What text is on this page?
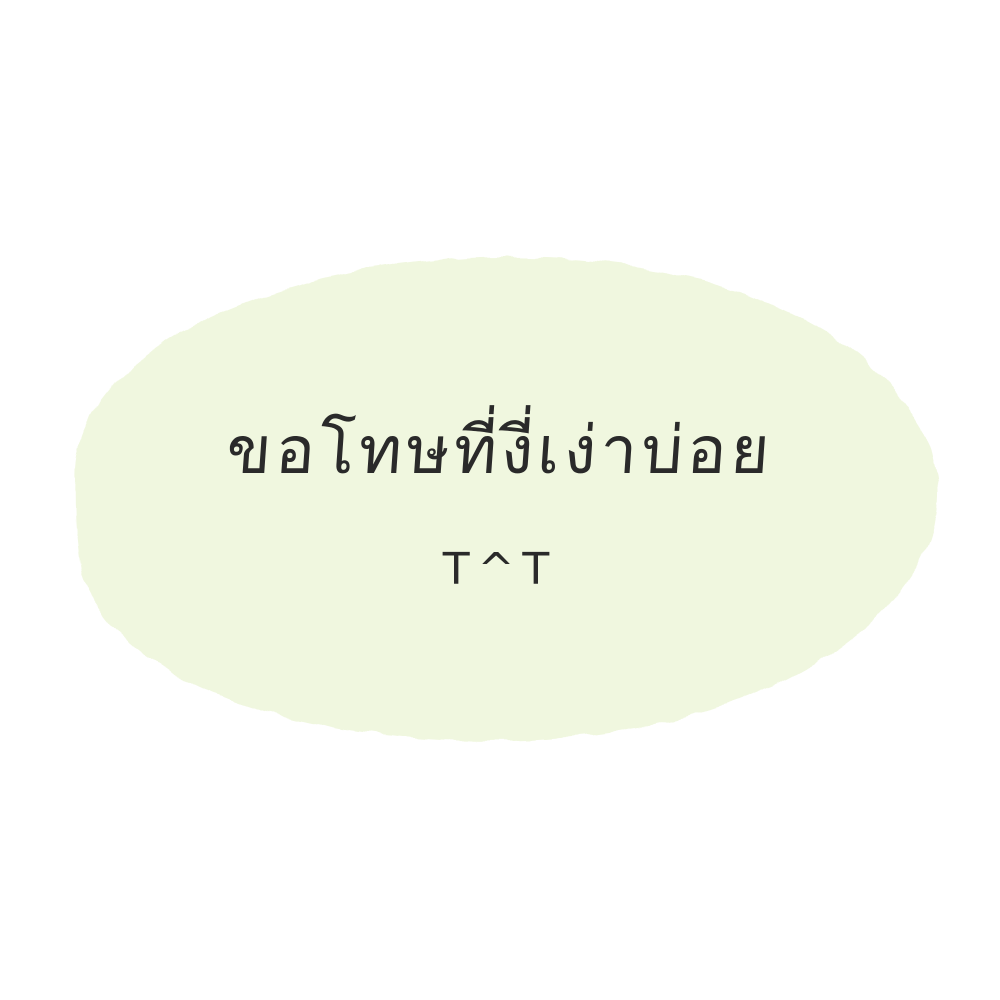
ขอโทษที่งี่เง่าบ่อย
T^T
